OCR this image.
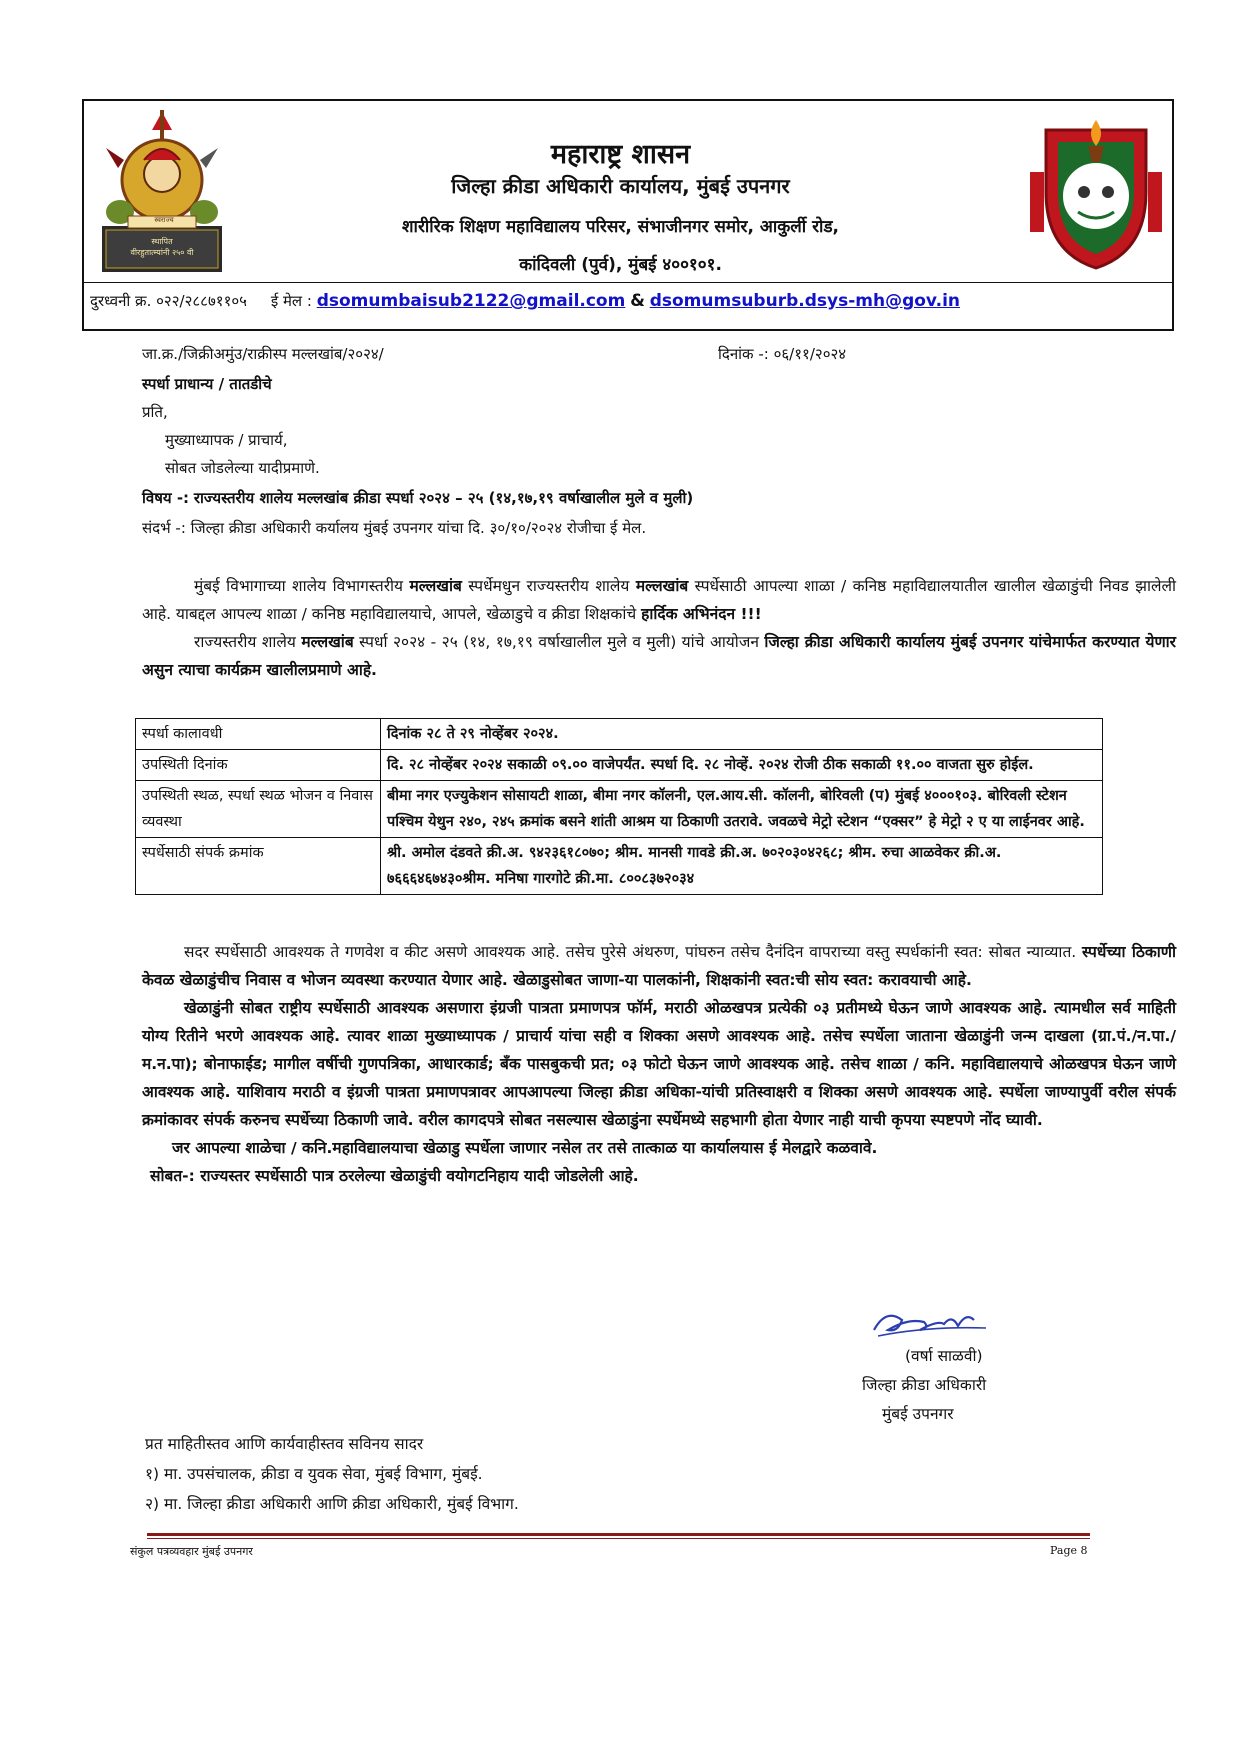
स्थापित
वीरहुतात्म्यांनी २५० वी
स्वराज्य
महाराष्ट्र शासन
जिल्हा क्रीडा अधिकारी कार्यालय, मुंबई उपनगर
शारीरिक शिक्षण महाविद्यालय परिसर, संभाजीनगर समोर, आकुर्ली रोड,
कांदिवली (पुर्व), मुंबई ४००१०१.
दुरध्वनी क्र. ०२२/२८८७११०५ ई मेल : dsomumbaisub2122@gmail.com & dsomumsuburb.dsys-mh@gov.in
जा.क्र./जिक्रीअमुंउ/राक्रीस्प मल्लखांब/२०२४/	दिनांक -: ०६/११/२०२४
स्पर्धा प्राधान्य / तातडीचे
प्रति,
मुख्याध्यापक / प्राचार्य,
सोबत जोडलेल्या यादीप्रमाणे.
विषय -: राज्यस्तरीय शालेय मल्लखांब क्रीडा स्पर्धा २०२४ – २५ (१४,१७,१९ वर्षाखालील मुले व मुली)
संदर्भ -: जिल्हा क्रीडा अधिकारी कर्यालय मुंबई उपनगर यांचा दि. ३०/१०/२०२४ रोजीचा ई मेल.

मुंबई विभागाच्या शालेय विभागस्तरीय मल्लखांब स्पर्धेमधुन राज्यस्तरीय शालेय मल्लखांब स्पर्धेसाठी आपल्या शाळा / कनिष्ठ महाविद्यालयातील खालील खेळाडुंची निवड झालेली आहे. याबद्दल आपल्य शाळा / कनिष्ठ महाविद्यालयाचे, आपले, खेळाडुचे व क्रीडा शिक्षकांचे हार्दिक अभिनंदन !!!

राज्यस्तरीय शालेय मल्लखांब स्पर्धा २०२४ - २५ (१४, १७,१९ वर्षाखालील मुले व मुली) यांचे आयोजन जिल्हा क्रीडा अधिकारी कार्यालय मुंबई उपनगर यांचेमार्फत करण्यात येणार असुन त्याचा कार्यक्रम खालीलप्रमाणे आहे.

स्पर्धा कालावधी	दिनांक २८ ते २९ नोव्हेंबर २०२४.
उपस्थिती दिनांक	दि. २८ नोव्हेंबर २०२४ सकाळी ०९.०० वाजेपर्यंत. स्पर्धा दि. २८ नोव्हें. २०२४ रोजी ठीक सकाळी ११.०० वाजता सुरु होईल.
उपस्थिती स्थळ, स्पर्धा स्थळ भोजन व निवास व्यवस्था	बीमा नगर एज्युकेशन सोसायटी शाळा, बीमा नगर कॉलनी, एल.आय.सी. कॉलनी, बोरिवली (प) मुंबई ४०००१०३. बोरिवली स्टेशन पश्चिम येथुन २४०, २४५ क्रमांक बसने शांती आश्रम या ठिकाणी उतरावे. जवळचे मेट्रो स्टेशन “एक्सर” हे मेट्रो २ ए या लाईनवर आहे.
स्पर्धेसाठी संपर्क क्रमांक	श्री. अमोल दंडवते क्री.अ. ९४२३६१८०७०; श्रीम. मानसी गावडे क्री.अ. ७०२०३०४२६८; श्रीम. रुचा आळवेकर क्री.अ. ७६६६४६७४३०श्रीम. मनिषा गारगोटे क्री.मा. ८००८३७२०३४

सदर स्पर्धेसाठी आवश्यक ते गणवेश व कीट असणे आवश्यक आहे. तसेच पुरेसे अंथरुण, पांघरुन तसेच दैनंदिन वापराच्या वस्तु स्पर्धकांनी स्वत: सोबत न्याव्यात. स्पर्धेच्या ठिकाणी केवळ खेळाडुंचीच निवास व भोजन व्यवस्था करण्यात येणार आहे. खेळाडुसोबत जाणा-या पालकांनी, शिक्षकांनी स्वत:ची सोय स्वत: करावयाची आहे.

खेळाडुंनी सोबत राष्ट्रीय स्पर्धेसाठी आवश्यक असणारा इंग्रजी पात्रता प्रमाणपत्र फॉर्म, मराठी ओळखपत्र प्रत्येकी ०३ प्रतीमध्ये घेऊन जाणे आवश्यक आहे. त्यामधील सर्व माहिती योग्य रितीने भरणे आवश्यक आहे. त्यावर शाळा मुख्याध्यापक / प्राचार्य यांचा सही व शिक्का असणे आवश्यक आहे. तसेच स्पर्धेला जाताना खेळाडुंनी जन्म दाखला (ग्रा.पं./न.पा./म.न.पा); बोनाफाईड; मागील वर्षीची गुणपत्रिका, आधारकार्ड; बँक पासबुकची प्रत; ०३ फोटो घेऊन जाणे आवश्यक आहे. तसेच शाळा / कनि. महाविद्यालयाचे ओळखपत्र घेऊन जाणे आवश्यक आहे. याशिवाय मराठी व इंग्रजी पात्रता प्रमाणपत्रावर आपआपल्या जिल्हा क्रीडा अधिका-यांची प्रतिस्वाक्षरी व शिक्का असणे आवश्यक आहे. स्पर्धेला जाण्यापुर्वी वरील संपर्क क्रमांकावर संपर्क करुनच स्पर्धेच्या ठिकाणी जावे. वरील कागदपत्रे सोबत नसल्यास खेळाडुंना स्पर्धेमध्ये सहभागी होता येणार नाही याची कृपया स्पष्टपणे नोंद घ्यावी.

जर आपल्या शाळेचा / कनि.महाविद्यालयाचा खेळाडु स्पर्धेला जाणार नसेल तर तसे तात्काळ या कार्यालयास ई मेलद्वारे कळवावे.

सोबत-: राज्यस्तर स्पर्धेसाठी पात्र ठरलेल्या खेळाडुंची वयोगटनिहाय यादी जोडलेली आहे.

(वर्षा साळवी)
जिल्हा क्रीडा अधिकारी
मुंबई उपनगर
प्रत माहितीस्तव आणि कार्यवाहीस्तव सविनय सादर
१) मा. उपसंचालक, क्रीडा व युवक सेवा, मुंबई विभाग, मुंबई.
२) मा. जिल्हा क्रीडा अधिकारी आणि क्रीडा अधिकारी, मुंबई विभाग.
संकुल पत्रव्यवहार मुंबई उपनगर	Page 8
